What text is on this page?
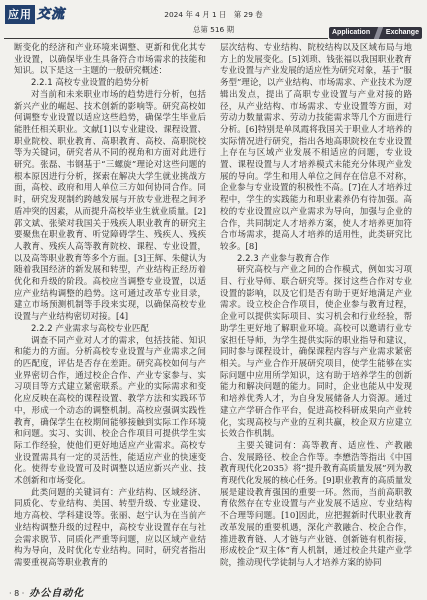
应用 交流	2024 年 4 月 1 日　第 29 卷
总第 516 期	Application	Exchange

断变化的经济和产业环境来调整、更新和优化其专业设置，以确保毕业生具备符合市场需求的技能和知识。以下是这一主题的一般研究概述：

2.2.1 高校专业设置的趋势分析

对当前和未来职业市场的趋势进行分析，包括新兴产业的崛起、技术创新的影响等。研究高校如何调整专业设置以适应这些趋势，确保学生毕业后能胜任相关职业。文献[1]以专业建设、课程设置、职业院校、职业教育、高职教育、高校、高职院校等为关键词，研究者从不同的视角和方面对此进行研究。张磊、韦钢基于“三螺旋”理论对这些问题的根本原因进行分析，探索在解决大学生就业挑战方面，高校、政府和用人单位三方如何协同合作。同时，研究发现制约跨越发展与开放专业进程之间矛盾冲突的因素，从而提升高校毕业生就业质量。[2]郭文斌、张梁对我国关于残疾人职业教育的研究主要聚焦在职业教育、听觉障碍学生、残疾人、残疾人教育、残疾人高等教育院校、课程、专业设置，以及高等职业教育等多个方面。[3]王辉、朱健认为随着我国经济的新发展和转型，产业结构正经历着优化和升级的阶段。高校应当调整专业设置，以适应产业结构调整的趋势。这可通过改革专业目录，建立市场预测机制等手段来实现，以确保高校专业设置与产业结构密切对接。[4]

2.2.2 产业需求与高校专业匹配

调查不同产业对人才的需求，包括技能、知识和能力的方面。分析高校专业设置与产业需求之间的匹配度，评估是否存在差距。研究高校如何与产业界密切合作，通过校企合作、产业专家参与、实习项目等方式建立紧密联系。产业的实际需求和变化应反映在高校的课程设置、教学方法和实践环节中，形成一个动态的调整机制。高校应强调实践性教育，确保学生在校期间能够接触到实际工作环境和问题。实习、实训、校企合作项目可提供学生实际工作经验，使他们更好地适应产业需求。高校专业设置需具有一定的灵活性，能适应产业的快速变化。使得专业设置可及时调整以适应新兴产业、技术创新和市场变化。

此类问题的关键词有：产业结构、区域经济、同质化、专业结构、美国、转型升级、专业建设、地方高校、学科建设等。张丽、赵宁认为在当前产业结构调整升级的过程中，高校专业设置存在与社会需求脱节、同质化严重等问题，应以区域产业结构为导向，及时优化专业结构。同时，研究者指出需要重视高等职业教育的

层次结构、专业结构、院校结构以及区域布局与地方上的发展变化。[5]刘琐、钱张福以我国职业教育专业设置与产业发展的适应性为研究对象，基于“服务型”理论，以产业结构、市场需求、产业技术为逻辑出发点，提出了高职专业设置与产业对接的路径，从产业结构、市场需求、专业设置等方面，对劳动力数量需求、劳动力技能需求等几个方面进行分析。[6]特别是单凤霞将我国关于职业人才培养的实际情况进行研究，指出各地高职院校在专业设置上存在与区域产业发展不相适应的问题，专业设置、课程设置与人才培养模式未能充分体现产业发展的导向。学生和用人单位之间存在信息不对称，企业参与专业设置的积极性不高。[7]在人才培养过程中，学生的实践能力和职业素养仍有待加强。高校的专业设置应以产业需求为导向，加强与企业的合作，共同制定人才培养方案，使人才培养更加符合市场需求，提高人才培养的适用性，此类研究比较多。[8]

2.2.3 产业参与教育合作

研究高校与产业之间的合作模式，例如实习项目、行业导师、联合研究等。探讨这些合作对专业设置的影响，以及它们是否有助于更好地满足产业需求。设立校企合作项目，使企业参与教育过程，企业可以提供实际项目、实习机会和行业经验，帮助学生更好地了解职业环境。高校可以邀请行业专家担任导师，为学生提供实际的职业指导和建议，同时参与课程设计，确保课程内容与产业需求紧密相关。与产业合作开展研究项目，使学生能够在实际问题中应用所学知识，这有助于培养学生的创新能力和解决问题的能力。同时，企业也能从中发现和培养优秀人才，为自身发展储备人力资源。通过建立产学研合作平台，促进高校科研成果向产业转化，实现高校与产业的互利共赢，校企双方应建立长效合作机制。

主要关键词有：高等教育、适应性、产教融合、发展路径、校企合作等。李懋浩等指出《中国教育现代化2035》将“提升教育高质量发展”列为教育现代化发展的核心任务。[9]职业教育的高质量发展是建设教育强国的重要一环。然而，当前高职教育依然存在专业设置与产业发展不适应、专业结构不合理等问题。[10]因此，应把握新时代职业教育改革发展的重要机遇，深化产教融合、校企合作，推进教育链、人才链与产业链、创新链有机衔接，形成校企“双主体”育人机制，通过校企共建产业学院，推动现代学徒制与人才培养方案的协同

· 8 · 办公自动化
